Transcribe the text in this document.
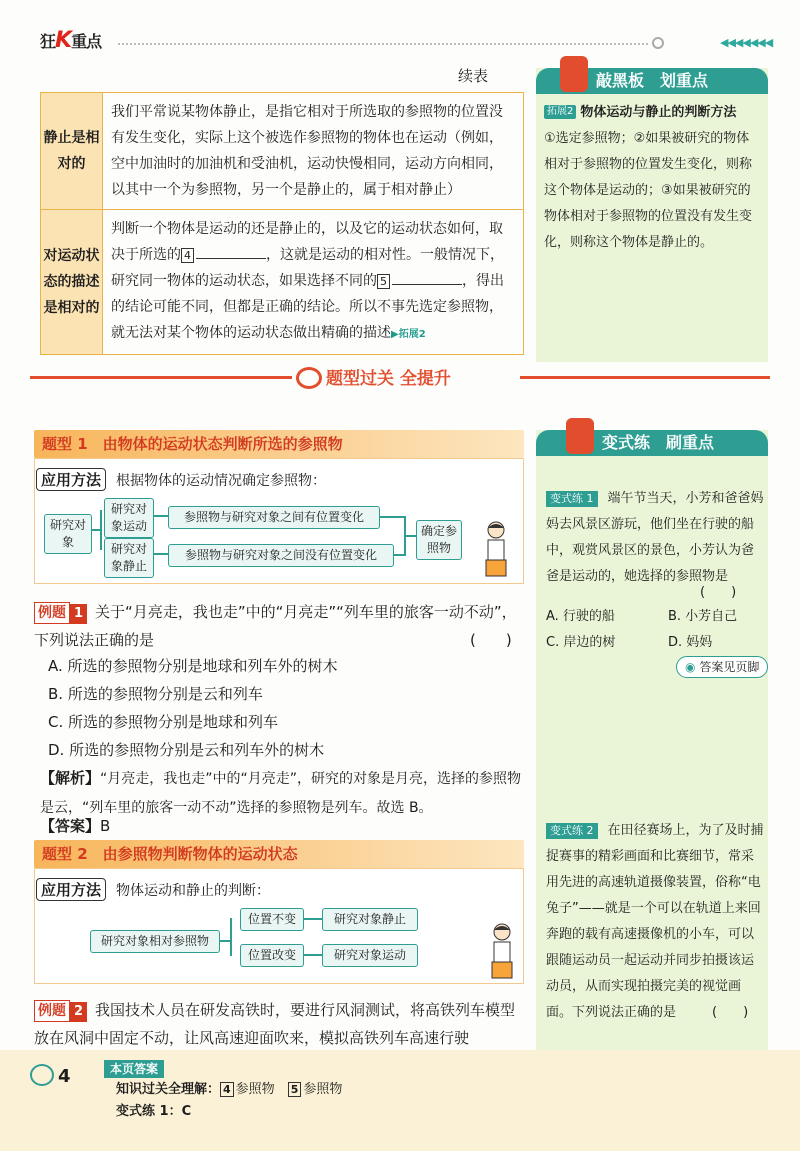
狂K重点	◀◀◀◀◀◀◀
续表
静止是相对的	我们平常说某物体静止，是指它相对于所选取的参照物的位置没有发生变化，实际上这个被选作参照物的物体也在运动（例如，空中加油时的加油机和受油机，运动快慢相同，运动方向相同，以其中一个为参照物，另一个是静止的，属于相对静止）
对运动状态的描述是相对的	判断一个物体是运动的还是静止的，以及它的运动状态如何，取决于所选的 4 ，这就是运动的相对性。一般情况下，研究同一物体的运动状态，如果选择不同的 5 ，得出的结论可能不同，但都是正确的结论。所以不事先选定参照物，就无法对某个物体的运动状态做出精确的描述▶拓展2
敲黑板　划重点
拓展2 物体运动与静止的判断方法
①选定参照物；②如果被研究的物体相对于参照物的位置发生变化，则称这个物体是运动的；③如果被研究的物体相对于参照物的位置没有发生变化，则称这个物体是静止的。
题型过关 全提升
题型 1　由物体的运动状态判断所选的参照物
应用方法	根据物体的运动情况确定参照物：
研究对象
研究对象运动
研究对象静止
参照物与研究对象之间有位置变化
参照物与研究对象之间没有位置变化
确定参照物
例题 1 关于“月亮走，我也走”中的“月亮走”“列车里的旅客一动不动”，下列说法正确的是	(　　)
A. 所选的参照物分别是地球和列车外的树木
B. 所选的参照物分别是云和列车
C. 所选的参照物分别是地球和列车
D. 所选的参照物分别是云和列车外的树木
【解析】“月亮走，我也走”中的“月亮走”，研究的对象是月亮，选择的参照物是云，“列车里的旅客一动不动”选择的参照物是列车。故选 B。
【答案】B
题型 2　由参照物判断物体的运动状态
应用方法	物体运动和静止的判断：
研究对象相对参照物
位置不变
位置改变
研究对象静止
研究对象运动
例题 2 我国技术人员在研发高铁时，要进行风洞测试，将高铁列车模型放在风洞中固定不动，让风高速迎面吹来，模拟高铁列车高速行驶
变式练　刷重点
变式练 1 端午节当天，小芳和爸爸妈妈去风景区游玩，他们坐在行驶的船中，观赏风景区的景色，小芳认为爸爸是运动的，她选择的参照物是
(　　)
A. 行驶的船	B. 小芳自己
C. 岸边的树	D. 妈妈
◉ 答案见页脚
变式练 2 在田径赛场上，为了及时捕捉赛事的精彩画面和比赛细节，常采用先进的高速轨道摄像装置，俗称“电兔子”——就是一个可以在轨道上来回奔跑的载有高速摄像机的小车，可以跟随运动员一起运动并同步拍摄该运动员，从而实现拍摄完美的视觉画面。下列说法正确的是	(　　)
4	本页答案
知识过关全理解： 4 参照物　 5 参照物
变式练 1：C
